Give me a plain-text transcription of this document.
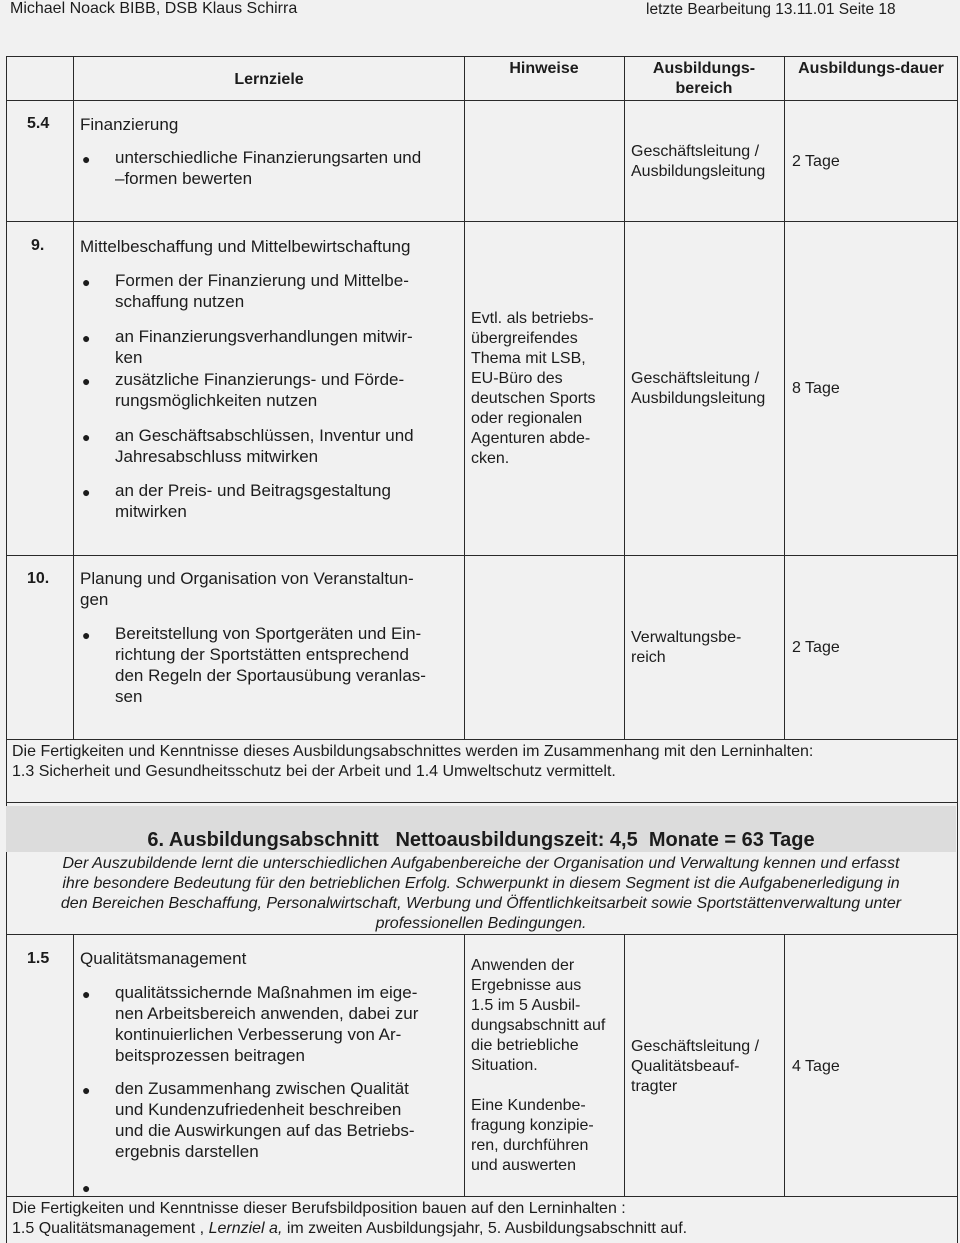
Michael Noack BIBB, DSB Klaus Schirra	letzte Bearbeitung 13.11.01 Seite 18
Lernziele
Hinweise	Ausbildungs-
bereich
Ausbildungs-dauer
5.4 Finanzierung
● unterschiedliche Finanzierungsarten und
–formen bewerten
Geschäftsleitung /
Ausbildungsleitung
2 Tage
9. Mittelbeschaffung und Mittelbewirtschaftung
● Formen der Finanzierung und Mittelbe-
schaffung nutzen
● an Finanzierungsverhandlungen mitwir-
ken
● zusätzliche Finanzierungs- und Förde-
rungsmöglichkeiten nutzen
● an Geschäftsabschlüssen, Inventur und
Jahresabschluss mitwirken
● an der Preis- und Beitragsgestaltung
mitwirken
Evtl. als betriebs-
übergreifendes
Thema mit LSB,
EU-Büro des
deutschen Sports
oder regionalen
Agenturen abde-
cken.
Geschäftsleitung /
Ausbildungsleitung
8 Tage
10. Planung und Organisation von Veranstaltun-
gen
● Bereitstellung von Sportgeräten und Ein-
richtung der Sportstätten entsprechend
den Regeln der Sportausübung veranlas-
sen
Verwaltungsbe-
reich
2 Tage
Die Fertigkeiten und Kenntnisse dieses Ausbildungsabschnittes werden im Zusammenhang mit den Lerninhalten:
1.3 Sicherheit und Gesundheitsschutz bei der Arbeit und 1.4 Umweltschutz vermittelt.
6. Ausbildungsabschnitt   Nettoausbildungszeit: 4,5  Monate = 63 Tage
Der Auszubildende lernt die unterschiedlichen Aufgabenbereiche der Organisation und Verwaltung kennen und erfasst
ihre besondere Bedeutung für den betrieblichen Erfolg. Schwerpunkt in diesem Segment ist die Aufgabenerledigung in
den Bereichen Beschaffung, Personalwirtschaft, Werbung und Öffentlichkeitsarbeit sowie Sportstättenverwaltung unter
professionellen Bedingungen.
1.5 Qualitätsmanagement
● qualitätssichernde Maßnahmen im eige-
nen Arbeitsbereich anwenden, dabei zur
kontinuierlichen Verbesserung von Ar-
beitsprozessen beitragen
● den Zusammenhang zwischen Qualität
und Kundenzufriedenheit beschreiben
und die Auswirkungen auf das Betriebs-
ergebnis darstellen
●
Anwenden der
Ergebnisse aus
1.5 im 5 Ausbil-
dungsabschnitt auf
die betriebliche
Situation.
Eine Kundenbe-
fragung konzipie-
ren, durchführen
und auswerten
Geschäftsleitung /
Qualitätsbeauf-
tragter
4 Tage
Die Fertigkeiten und Kenntnisse dieser Berufsbildposition bauen auf den Lerninhalten :
1.5 Qualitätsmanagement , Lernziel a, im zweiten Ausbildungsjahr, 5. Ausbildungsabschnitt auf.
